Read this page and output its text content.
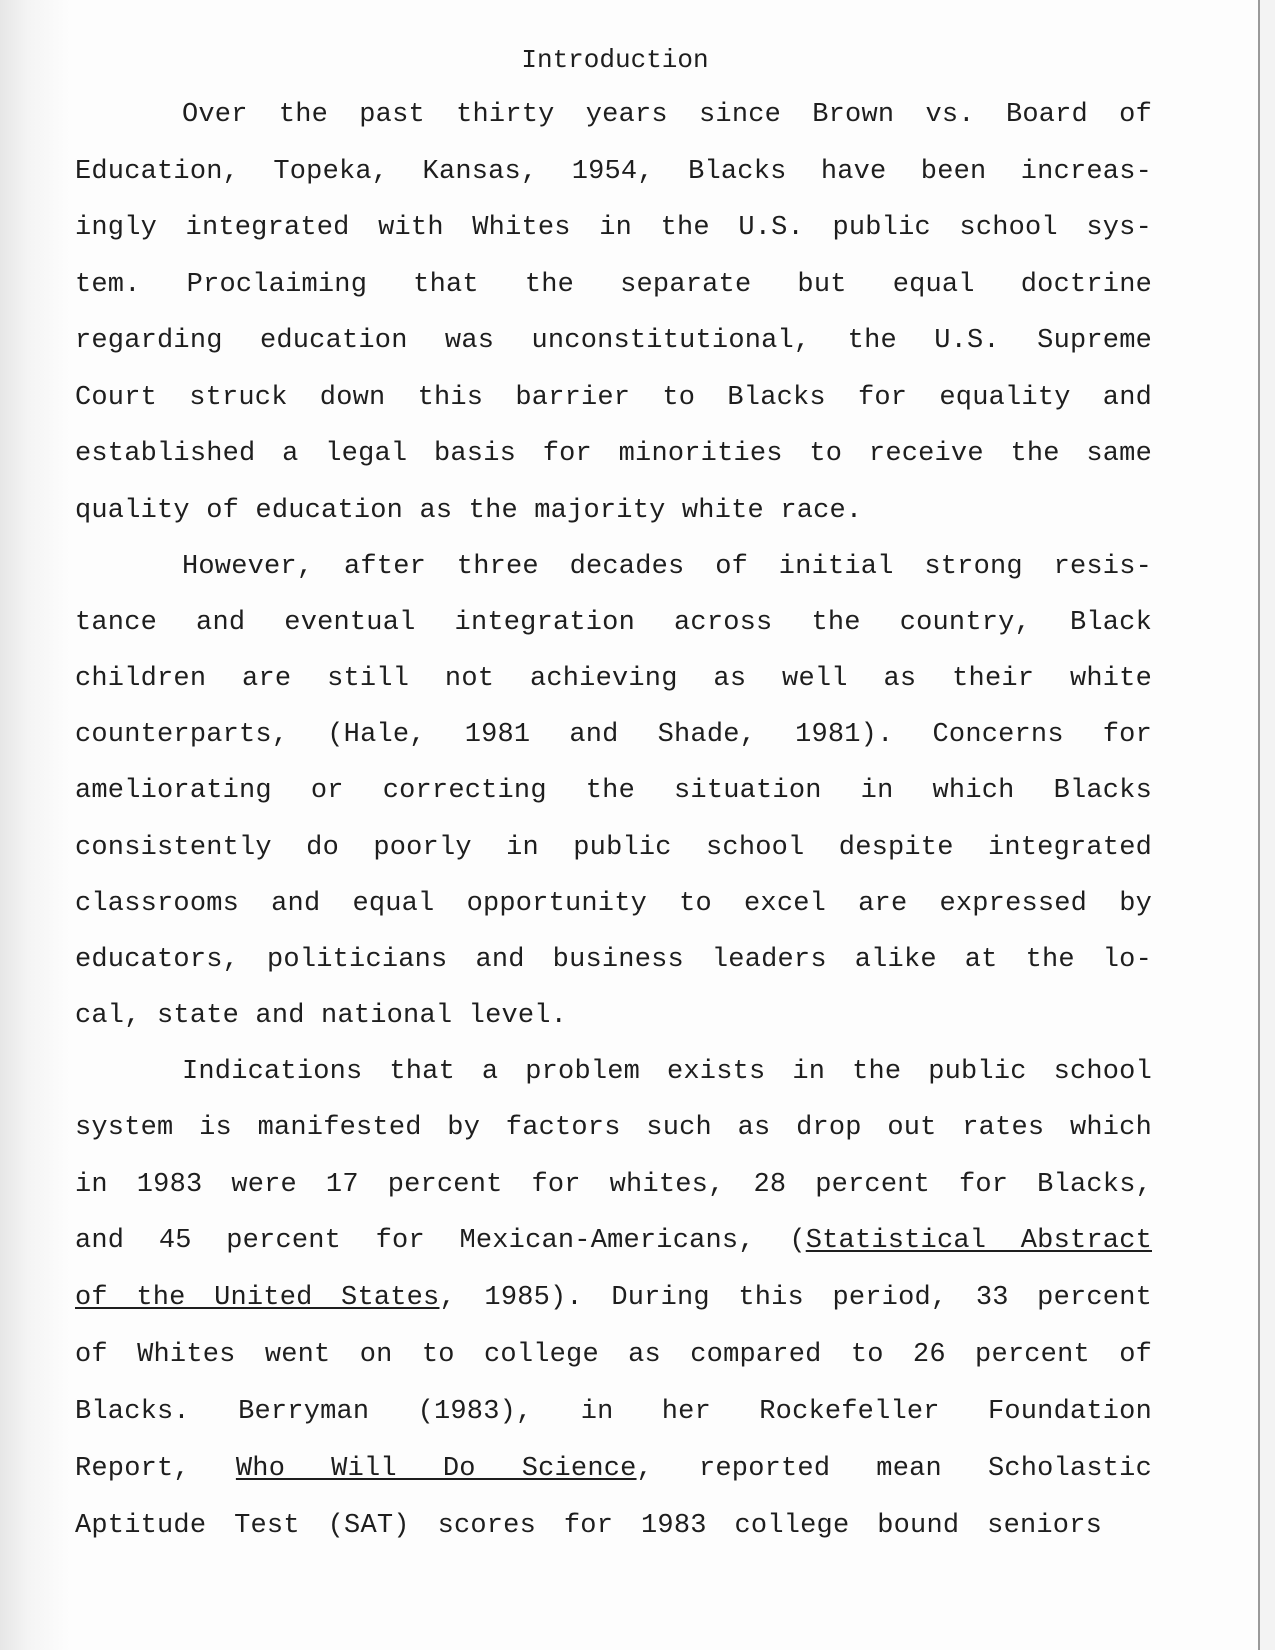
Introduction
Over the past thirty years since Brown vs. Board of
Education, Topeka, Kansas, 1954, Blacks have been increas-
ingly integrated with Whites in the U.S. public school sys-
tem. Proclaiming that the separate but equal doctrine
regarding education was unconstitutional, the U.S. Supreme
Court struck down this barrier to Blacks for equality and
established a legal basis for minorities to receive the same
quality of education as the majority white race.
However, after three decades of initial strong resis-
tance and eventual integration across the country, Black
children are still not achieving as well as their white
counterparts, (Hale, 1981 and Shade, 1981). Concerns for
ameliorating or correcting the situation in which Blacks
consistently do poorly in public school despite integrated
classrooms and equal opportunity to excel are expressed by
educators, politicians and business leaders alike at the lo-
cal, state and national level.
Indications that a problem exists in the public school
system is manifested by factors such as drop out rates which
in 1983 were 17 percent for whites, 28 percent for Blacks,
and 45 percent for Mexican-Americans, (Statistical Abstract
of the United States, 1985). During this period, 33 percent
of Whites went on to college as compared to 26 percent of
Blacks. Berryman (1983), in her Rockefeller Foundation
Report, Who Will Do Science, reported mean Scholastic
Aptitude Test (SAT) scores for 1983 college bound seniors
